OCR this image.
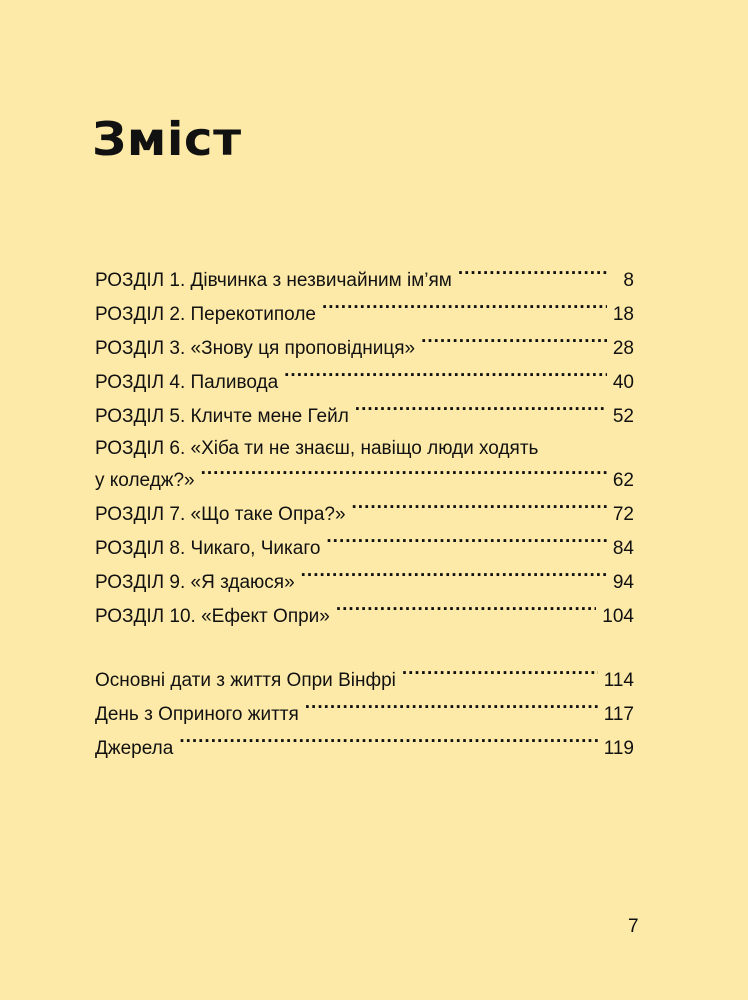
Зміст
РОЗДІЛ 1. Дівчинка з незвичайним ім’ям .....	8
РОЗДІЛ 2. Перекотиполе .....	18
РОЗДІЛ 3. «Знову ця проповідниця» .....	28
РОЗДІЛ 4. Паливода .....	40
РОЗДІЛ 5. Кличте мене Гейл .....	52
РОЗДІЛ 6. «Хіба ти не знаєш, навіщо люди ходять
у коледж?» .....	62
РОЗДІЛ 7. «Що таке Опра?» .....	72
РОЗДІЛ 8. Чикаго, Чикаго .....	84
РОЗДІЛ 9. «Я здаюся» .....	94
РОЗДІЛ 10. «Ефект Опри» .....	104
Основні дати з життя Опри Вінфрі .....	114
День з Оприного життя .....	117
Джерела .....	119
7
